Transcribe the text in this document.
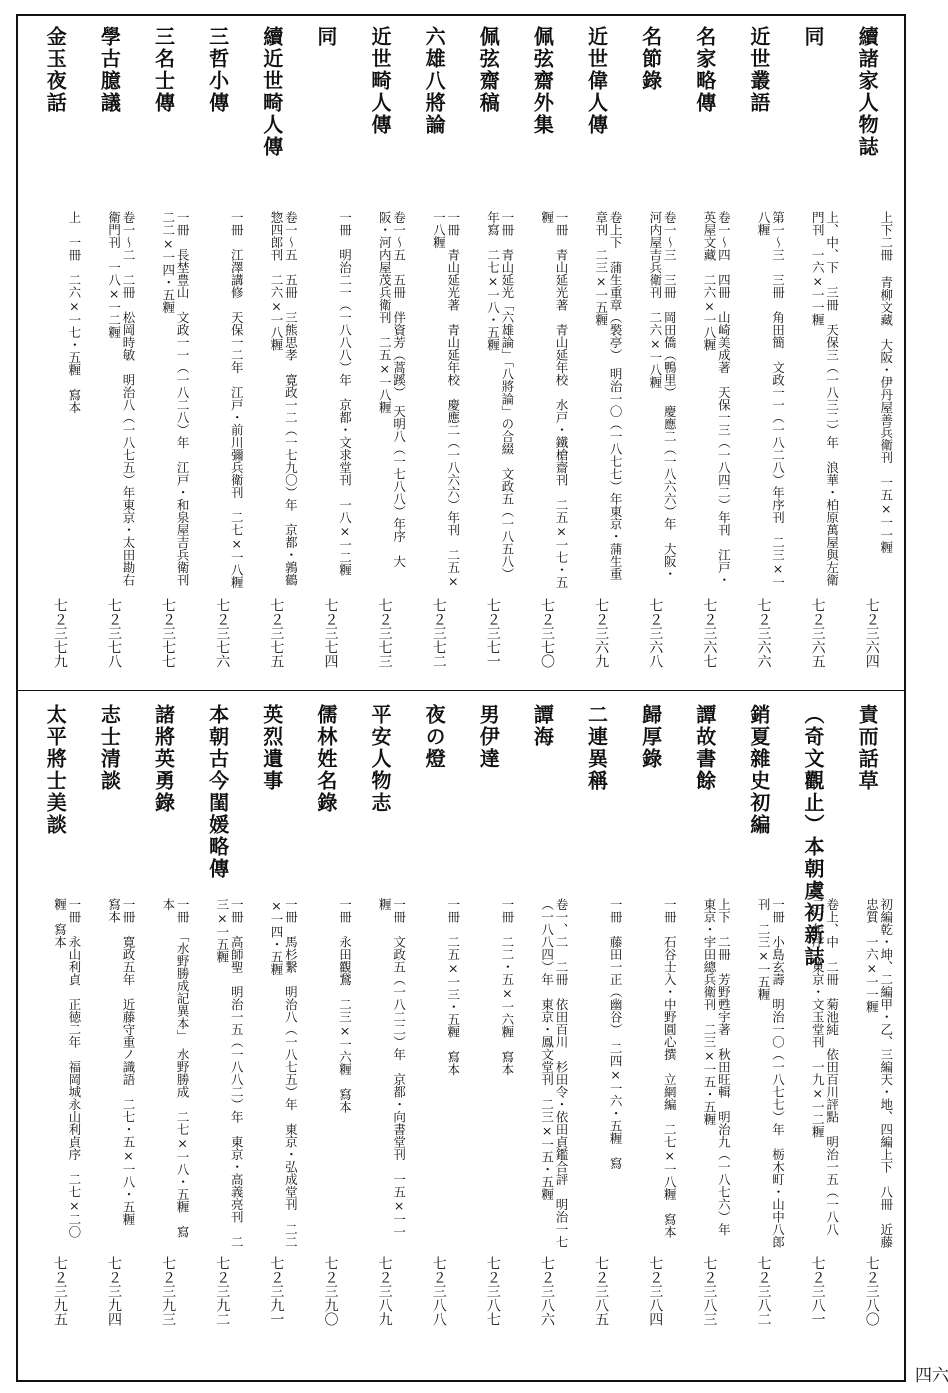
六四
續諸家人物誌
上下二冊 青柳文藏　大阪・伊丹屋善兵衛刊　一五×一一糎
七２三六四
同
上、中、下　三冊　天保三（一八三二）年　浪華・柏原萬屋與左衛門刊　一六×一一糎
七２三六五
近世叢語
第一～三　三冊　角田簡　文政一一（一八二八）年序刊　二三×一八糎
七２三六六
名家略傳
卷一～四　四冊　山崎美成著　天保一三（一八四二）年刊　江戸・英屋文藏　二六×一八糎
七２三六七
名節錄
卷一～三　三冊　岡田僑（鴨里）　慶應二（一八六六）年　大阪・河内屋吉兵衛刊　二六×一八糎
七２三六八
近世偉人傳
卷上下　蒲生重章（褧亭）　明治一〇（一八七七）年東京・蒲生重章刊　二三×一五糎
七２三六九
佩弦齋外集
一冊　青山延光著　青山延年校　水戸・鐵槍齋刊　二五×一七・五糎
七２三七〇
佩弦齋稿
一冊　青山延光「六雄論」「八將論」の合綴　文政五（一八五八）年寫　二七×一八・五糎
七２三七一
六雄八將論
一冊　青山延光著　青山延年校　慶應二（一八六六）年刊　二五×一八糎
七２三七二
近世畸人傳
卷一～五　五冊　伴資芳（蒿蹊）　天明八（一七八八）年序　大阪・河内屋茂兵衛刊　二五×一八糎
七２三七三
同
一冊　明治二一（一八八八）年　京都・文求堂刊　一八×一二糎
七２三七四
續近世畸人傳
卷一～五　五冊　三熊思孝　寛政一二（一七九〇）年　京都・鶉鶴惣四郎刊　二六×一八糎
七２三七五
三哲小傳
一冊　江澤講修　天保一二年　江戸・前川彌兵衛刊　二七×一八糎
七２三七六
三名士傳
一冊　長埜豊山　文政一一（一八二八）年　江戸・和泉屋吉兵衛刊　二二×一四・五糎
七２三七七
學古臆議
卷一～二　二冊　松岡時敏　明治八（一八七五）年東京・太田勘右衛門刊　一八×一二糎
七２三七八
金玉夜話
上　一冊　二六×一七・五糎　寫本
七２三七九
責而話草
初編乾・坤、二編甲・乙、三編天・地、四編上下　八冊　近藤忠質　一六×一一糎
七２三八〇
（奇文觀止）本朝虞初新誌
卷上、中　二冊　菊池純　依田百川評點　明治一五（一八八二）年序　東京・文玉堂刊　一九×一二糎
七２三八一
銷夏雜史初編
一冊　小島玄壽　明治一〇（一八七七）年　栃木町・山中八郎刊　二三×一五糎
七２三八二
譚故書餘
上下　二冊　芳野甦宇著　秋田旺輯　明治九（一八七六）年　東京・宇田總兵衛刊　二三×一五・五糎
七２三八三
歸厚錄
一冊　石谷士入・中野圓心撰　立網編　二七×一八糎　寫本
七２三八四
二連異稱
一冊　藤田一正（幽谷）　二四×一六・五糎　寫
七２三八五
譚海
卷一、二　二冊　依田百川　杉田令・依田貞鑑合評　明治一七（一八八四）年　東京・鳳文堂刊　二三×一五・五糎
七２三八六
男伊達
一冊　二二・五×一六糎　寫本
七２三八七
夜の燈
一冊　二五×一三・五糎　寫本
七２三八八
平安人物志
一冊　文政五（一八二二）年　京都・向書堂刊　一五×一一糎
七２三八九
儒林姓名錄
一冊　永田觀鵞　二三×一六糎　寫本
七２三九〇
英烈遺事
一冊　馬杉繋　明治八（一八七五）年　東京・弘成堂刊　二二×一四・五糎
七２三九一
本朝古今閨媛略傳
一冊　高師聖　明治一五（一八八二）年　東京・高義亮刊　二三×一五糎
七２三九二
諸將英勇錄
一冊　「水野勝成記異本」　水野勝成　二七×一八・五糎　寫本
七２三九三
志士清談
一冊　寛政五年　近藤守重ノ識語　二七・五×一八・五糎　寫本
七２三九四
太平將士美談
一冊　永山利貞　正徳二年　福岡城永山利貞序　二七×二〇糎　寫本
七２三九五
